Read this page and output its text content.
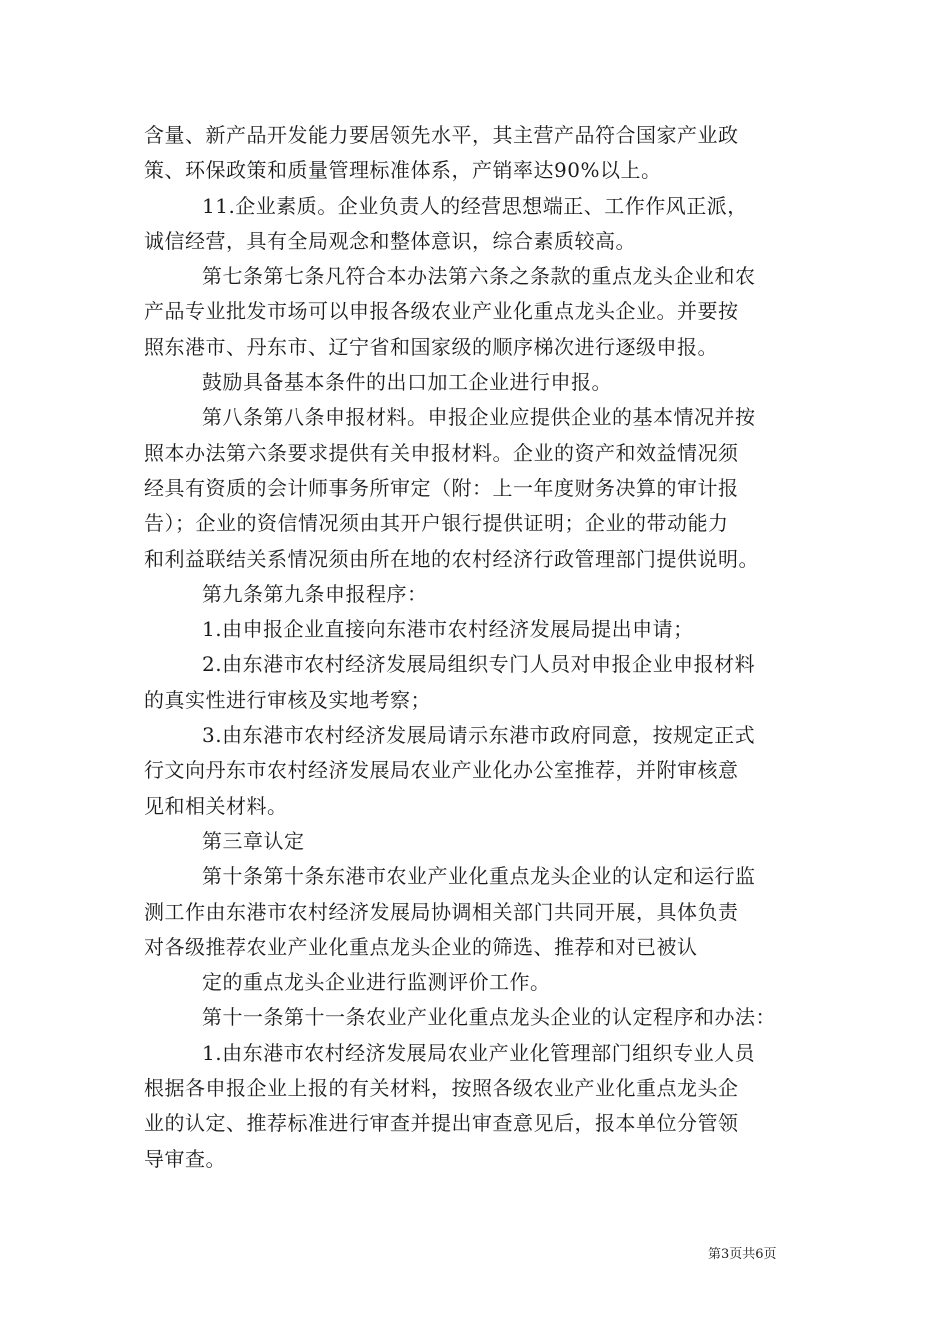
含量、新产品开发能力要居领先水平，其主营产品符合国家产业政
策、环保政策和质量管理标准体系，产销率达90%以上。
11.企业素质。企业负责人的经营思想端正、工作作风正派，
诚信经营，具有全局观念和整体意识，综合素质较高。
第七条第七条凡符合本办法第六条之条款的重点龙头企业和农
产品专业批发市场可以申报各级农业产业化重点龙头企业。并要按
照东港市、丹东市、辽宁省和国家级的顺序梯次进行逐级申报。
鼓励具备基本条件的出口加工企业进行申报。
第八条第八条申报材料。申报企业应提供企业的基本情况并按
照本办法第六条要求提供有关申报材料。企业的资产和效益情况须
经具有资质的会计师事务所审定（附：上一年度财务决算的审计报
告）；企业的资信情况须由其开户银行提供证明；企业的带动能力
和利益联结关系情况须由所在地的农村经济行政管理部门提供说明。
第九条第九条申报程序：
1.由申报企业直接向东港市农村经济发展局提出申请；
2.由东港市农村经济发展局组织专门人员对申报企业申报材料
的真实性进行审核及实地考察；
3.由东港市农村经济发展局请示东港市政府同意，按规定正式
行文向丹东市农村经济发展局农业产业化办公室推荐，并附审核意
见和相关材料。
第三章认定
第十条第十条东港市农业产业化重点龙头企业的认定和运行监
测工作由东港市农村经济发展局协调相关部门共同开展，具体负责
对各级推荐农业产业化重点龙头企业的筛选、推荐和对已被认
定的重点龙头企业进行监测评价工作。
第十一条第十一条农业产业化重点龙头企业的认定程序和办法：
1.由东港市农村经济发展局农业产业化管理部门组织专业人员
根据各申报企业上报的有关材料，按照各级农业产业化重点龙头企
业的认定、推荐标准进行审查并提出审查意见后，报本单位分管领
导审查。
第3页共6页
